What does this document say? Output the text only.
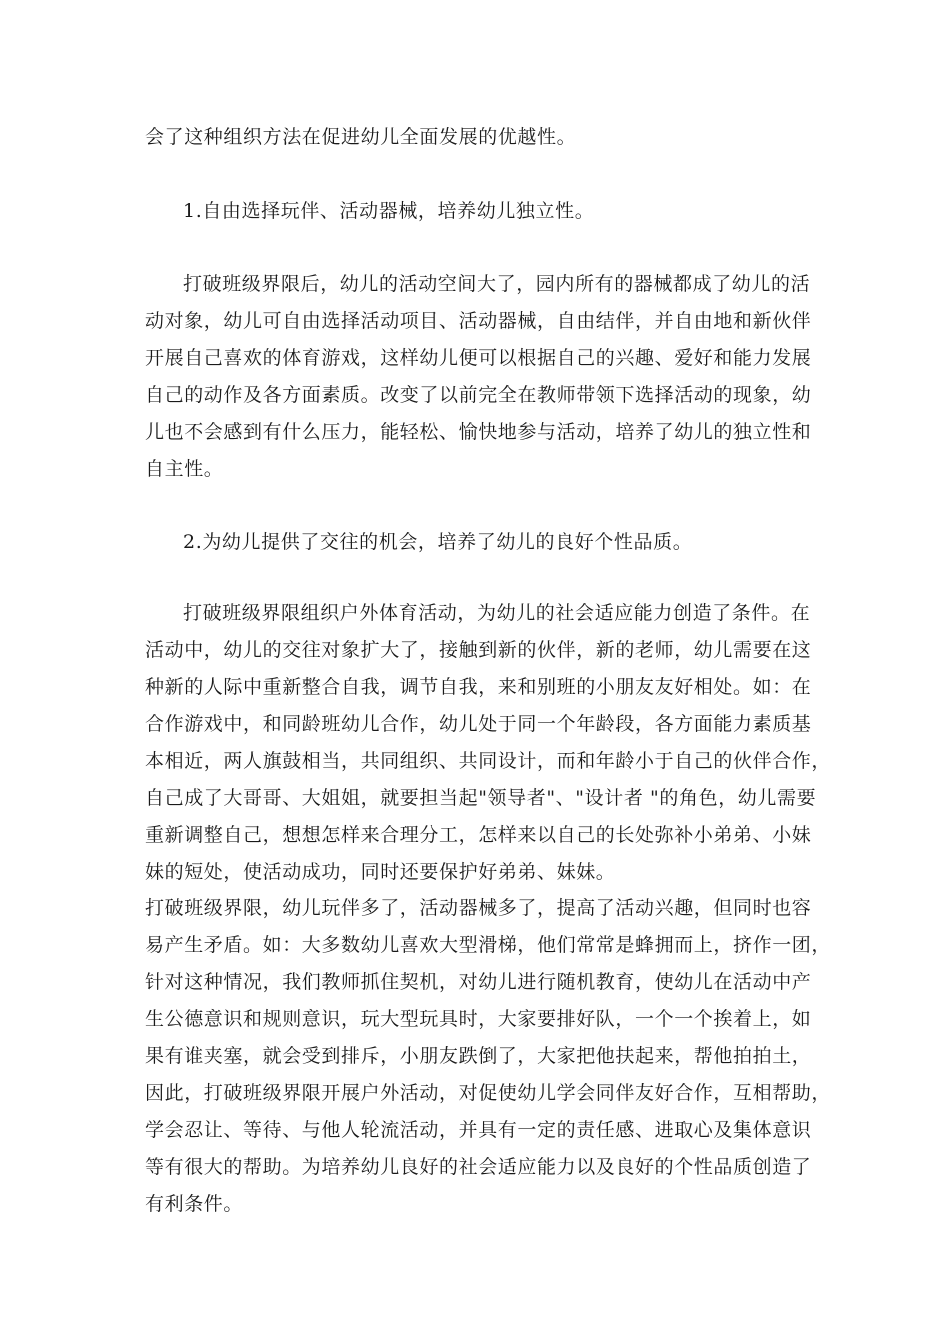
会了这种组织方法在促进幼儿全面发展的优越性。
1.自由选择玩伴、活动器械，培养幼儿独立性。
打破班级界限后，幼儿的活动空间大了，园内所有的器械都成了幼儿的活
动对象，幼儿可自由选择活动项目、活动器械，自由结伴，并自由地和新伙伴
开展自己喜欢的体育游戏，这样幼儿便可以根据自己的兴趣、爱好和能力发展
自己的动作及各方面素质。改变了以前完全在教师带领下选择活动的现象，幼
儿也不会感到有什么压力，能轻松、愉快地参与活动，培养了幼儿的独立性和
自主性。
2.为幼儿提供了交往的机会，培养了幼儿的良好个性品质。
打破班级界限组织户外体育活动，为幼儿的社会适应能力创造了条件。在
活动中，幼儿的交往对象扩大了，接触到新的伙伴，新的老师，幼儿需要在这
种新的人际中重新整合自我，调节自我，来和别班的小朋友友好相处。如：在
合作游戏中，和同龄班幼儿合作，幼儿处于同一个年龄段，各方面能力素质基
本相近，两人旗鼓相当，共同组织、共同设计，而和年龄小于自己的伙伴合作，
自己成了大哥哥、大姐姐，就要担当起"领导者"、"设计者 "的角色，幼儿需要
重新调整自己，想想怎样来合理分工，怎样来以自己的长处弥补小弟弟、小妹
妹的短处，使活动成功，同时还要保护好弟弟、妹妹。
打破班级界限，幼儿玩伴多了，活动器械多了，提高了活动兴趣，但同时也容
易产生矛盾。如：大多数幼儿喜欢大型滑梯，他们常常是蜂拥而上，挤作一团，
针对这种情况，我们教师抓住契机，对幼儿进行随机教育，使幼儿在活动中产
生公德意识和规则意识，玩大型玩具时，大家要排好队，一个一个挨着上，如
果有谁夹塞，就会受到排斥，小朋友跌倒了，大家把他扶起来，帮他拍拍土，
因此，打破班级界限开展户外活动，对促使幼儿学会同伴友好合作，互相帮助，
学会忍让、等待、与他人轮流活动，并具有一定的责任感、进取心及集体意识
等有很大的帮助。为培养幼儿良好的社会适应能力以及良好的个性品质创造了
有利条件。
